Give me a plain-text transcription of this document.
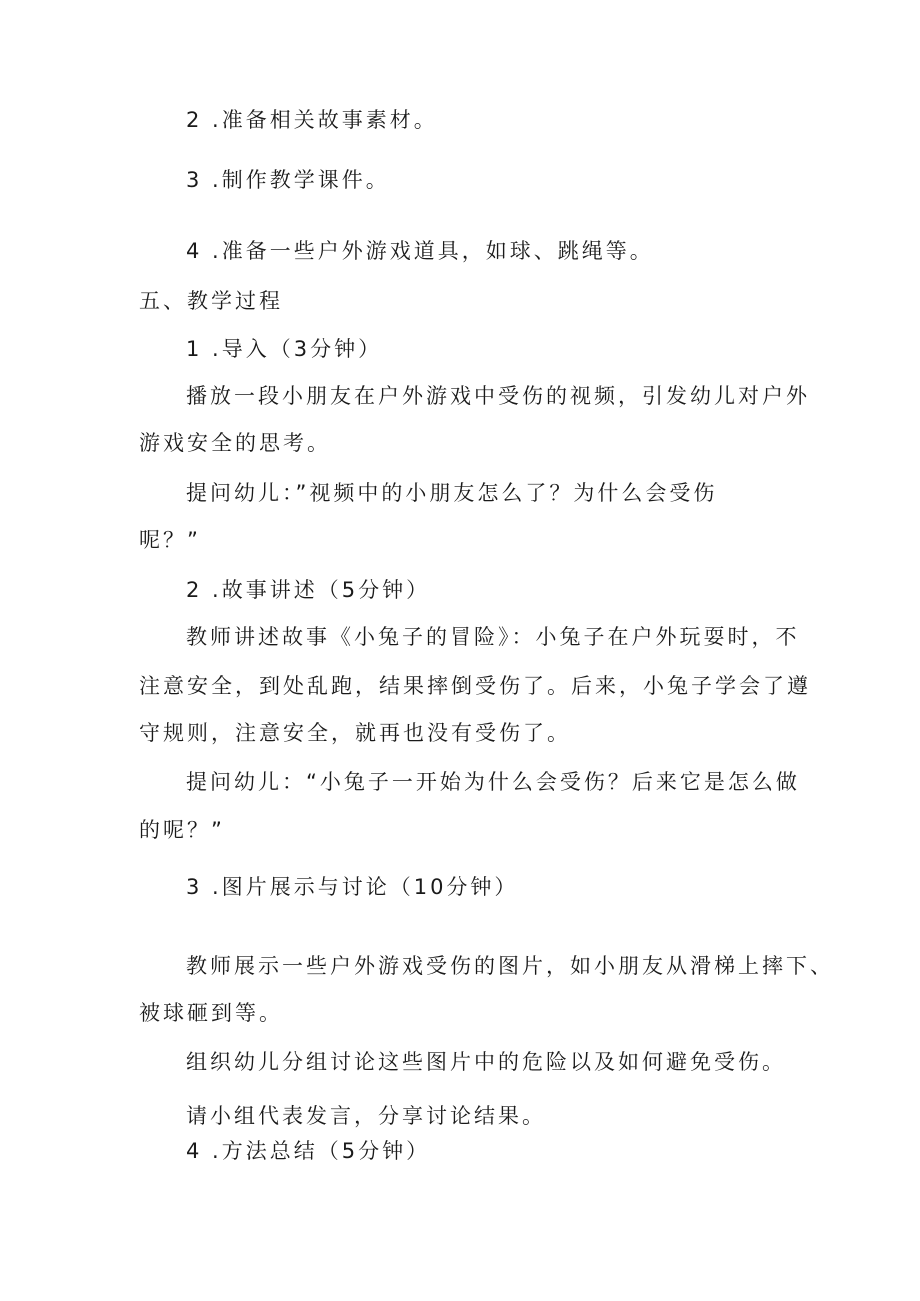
2 .准备相关故事素材。
3 .制作教学课件。
4 .准备一些户外游戏道具，如球、跳绳等。
五、教学过程
1 .导入（3分钟）
播放一段小朋友在户外游戏中受伤的视频，引发幼儿对户外
游戏安全的思考。
提问幼儿：”视频中的小朋友怎么了？为什么会受伤
呢？”
2 .故事讲述（5分钟）
教师讲述故事《小兔子的冒险》：小兔子在户外玩耍时，不
注意安全，到处乱跑，结果摔倒受伤了。后来，小兔子学会了遵
守规则，注意安全，就再也没有受伤了。
提问幼儿：“小兔子一开始为什么会受伤？后来它是怎么做
的呢？”
3 .图片展示与讨论（10分钟）
教师展示一些户外游戏受伤的图片，如小朋友从滑梯上摔下、
被球砸到等。
组织幼儿分组讨论这些图片中的危险以及如何避免受伤。
请小组代表发言，分享讨论结果。
4 .方法总结（5分钟）
